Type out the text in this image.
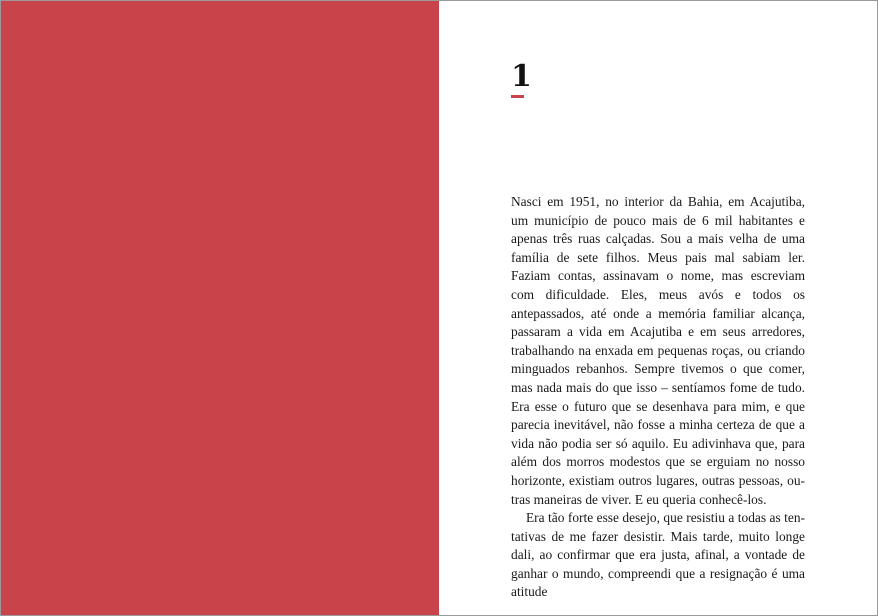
1

Nasci em 1951, no interior da Bahia, em Acajutiba, um município de pouco mais de 6 mil habitantes e apenas três ruas calçadas. Sou a mais velha de uma família de sete filhos. Meus pais mal sabiam ler. Faziam contas, assinavam o nome, mas escreviam com dificuldade. Eles, meus avós e todos os antepassados, até onde a memória familiar alcança, passaram a vida em Acajutiba e em seus arredores, trabalhando na enxada em pequenas roças, ou criando minguados rebanhos. Sempre tivemos o que comer, mas nada mais do que isso – sentíamos fome de tudo. Era esse o futuro que se desenhava para mim, e que parecia inevitável, não fosse a minha certeza de que a vida não podia ser só aquilo. Eu adivinhava que, para além dos morros modestos que se erguiam no nosso horizonte, existiam outros lugares, outras pessoas, outras maneiras de viver. E eu queria conhecê-los.

Era tão forte esse desejo, que resistiu a todas as tentativas de me fazer desistir. Mais tarde, muito longe dali, ao confirmar que era justa, afinal, a vontade de ganhar o mundo, compreendi que a resignação é uma atitude
